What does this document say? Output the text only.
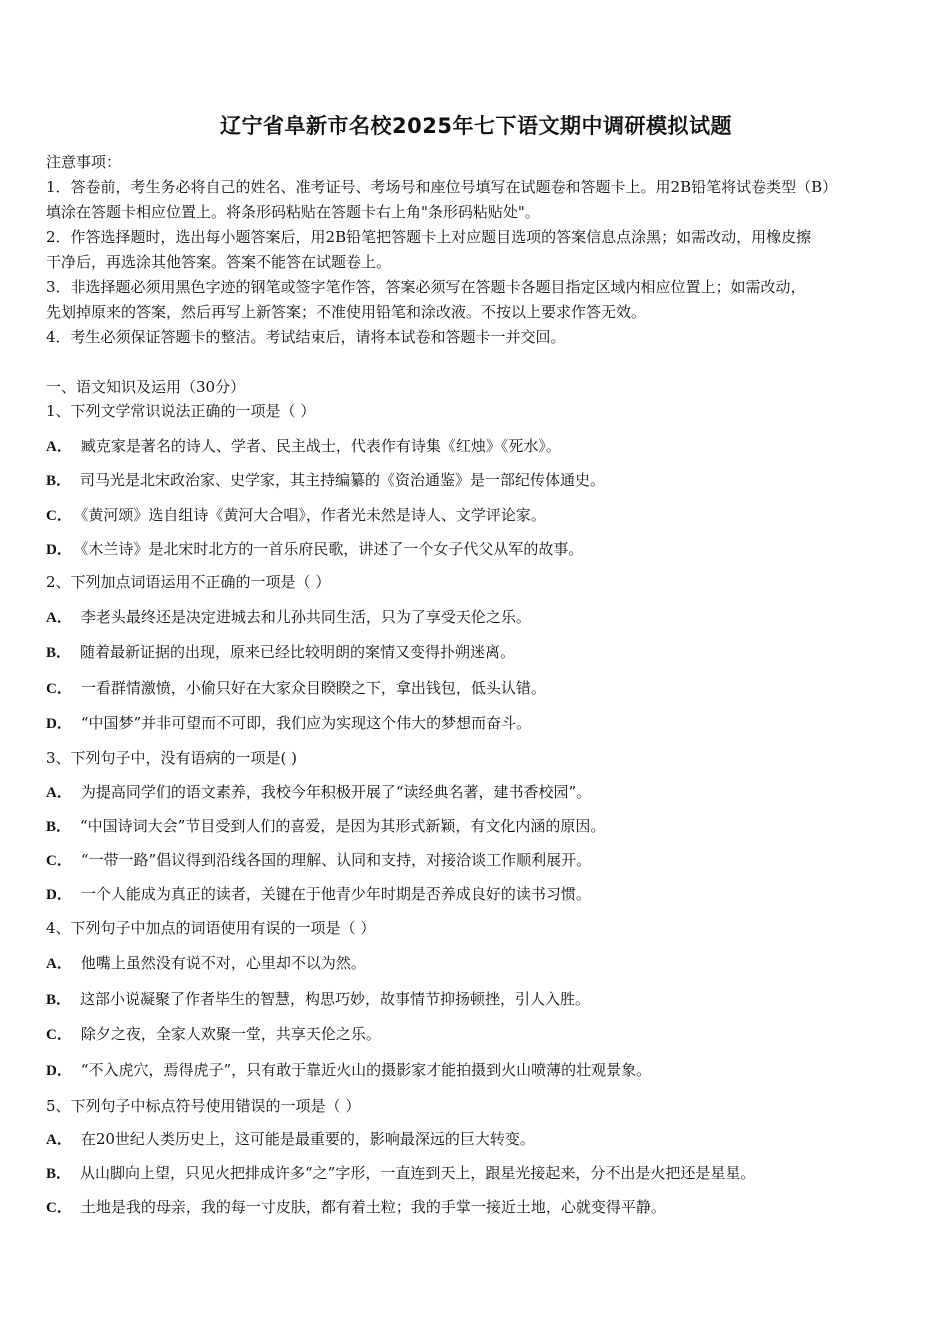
辽宁省阜新市名校2025年七下语文期中调研模拟试题
注意事项：
1．答卷前，考生务必将自己的姓名、准考证号、考场号和座位号填写在试题卷和答题卡上。用2B铅笔将试卷类型（B）
填涂在答题卡相应位置上。将条形码粘贴在答题卡右上角"条形码粘贴处"。
2．作答选择题时，选出每小题答案后，用2B铅笔把答题卡上对应题目选项的答案信息点涂黑；如需改动，用橡皮擦
干净后，再选涂其他答案。答案不能答在试题卷上。
3．非选择题必须用黑色字迹的钢笔或签字笔作答，答案必须写在答题卡各题目指定区域内相应位置上；如需改动，
先划掉原来的答案，然后再写上新答案；不准使用铅笔和涂改液。不按以上要求作答无效。
4．考生必须保证答题卡的整洁。考试结束后，请将本试卷和答题卡一并交回。
一、语文知识及运用（30分）
1、下列文学常识说法正确的一项是（ ）
A． 臧克家是著名的诗人、学者、民主战士，代表作有诗集《红烛》《死水》。
B． 司马光是北宋政治家、史学家，其主持编纂的《资治通鉴》是一部纪传体通史。
C． 《黄河颂》选自组诗《黄河大合唱》，作者光未然是诗人、文学评论家。
D． 《木兰诗》是北宋时北方的一首乐府民歌，讲述了一个女子代父从军的故事。
2、下列加点词语运用不正确的一项是（ ）
A． 李老头最终还是决定进城去和儿孙共同生活，只为了享受天伦之乐。
B． 随着最新证据的出现，原来已经比较明朗的案情又变得扑朔迷离。
C． 一看群情激愤，小偷只好在大家众目睽睽之下，拿出钱包，低头认错。
D． “中国梦”并非可望而不可即，我们应为实现这个伟大的梦想而奋斗。
3、下列句子中，没有语病的一项是( )
A． 为提高同学们的语文素养，我校今年积极开展了“读经典名著，建书香校园”。
B． “中国诗词大会”节目受到人们的喜爱，是因为其形式新颖，有文化内涵的原因。
C． “一带一路”倡议得到沿线各国的理解、认同和支持，对接洽谈工作顺利展开。
D． 一个人能成为真正的读者，关键在于他青少年时期是否养成良好的读书习惯。
4、下列句子中加点的词语使用有误的一项是（ ）
A． 他嘴上虽然没有说不对，心里却不以为然。
B． 这部小说凝聚了作者毕生的智慧，构思巧妙，故事情节抑扬顿挫，引人入胜。
C． 除夕之夜，全家人欢聚一堂，共享天伦之乐。
D． “不入虎穴，焉得虎子”，只有敢于靠近火山的摄影家才能拍摄到火山喷薄的壮观景象。
5、下列句子中标点符号使用错误的一项是（ ）
A． 在20世纪人类历史上，这可能是最重要的，影响最深远的巨大转变。
B． 从山脚向上望，只见火把排成许多“之”字形，一直连到天上，跟星光接起来，分不出是火把还是星星。
C． 土地是我的母亲，我的每一寸皮肤，都有着土粒；我的手掌一接近土地，心就变得平静。
